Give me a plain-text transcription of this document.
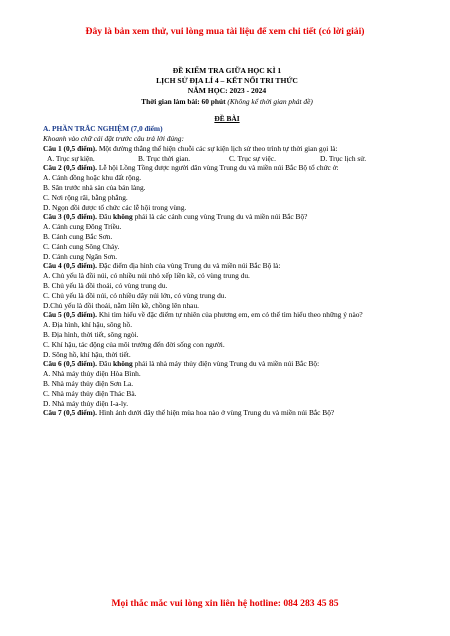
Đây là bản xem thử, vui lòng mua tài liệu để xem chi tiết (có lời giải)
ĐỀ KIỂM TRA GIỮA HỌC KÌ 1
LỊCH SỬ ĐỊA LÍ 4 – KẾT NỐI TRI THỨC
NĂM HỌC: 2023 - 2024
Thời gian làm bài: 60 phút (Không kể thời gian phát đề)
ĐỀ BÀI
A. PHẦN TRẮC NGHIỆM (7,0 điểm)
Khoanh vào chữ cái đặt trước câu trả lời đúng:
Câu 1 (0,5 điểm). Một đường thẳng thể hiện chuỗi các sự kiện lịch sử theo trình tự thời gian gọi là:
A. Trục sự kiện.	B. Trục thời gian.	C. Trục sự việc.	D. Trục lịch sử.
Câu 2 (0,5 điểm). Lễ hội Lồng Tồng được người dân vùng Trung du và miền núi Bắc Bộ tổ chức ở:
A. Cánh đồng hoặc khu đất rộng.
B. Sân trước nhà sàn của bản làng.
C. Nơi rộng rãi, bằng phẳng.
D. Ngọn đồi được tổ chức các lễ hội trong vùng.
Câu 3 (0,5 điểm). Đâu không phải là các cánh cung vùng Trung du và miền núi Bắc Bộ?
A. Cánh cung Đông Triều.
B. Cánh cung Bắc Sơn.
C. Cánh cung Sông Chảy.
D. Cánh cung Ngân Sơn.
Câu 4 (0,5 điểm). Đặc điểm địa hình của vùng Trung du và miền núi Bắc Bộ là:
A. Chủ yếu là đồi núi, có nhiều núi nhỏ xếp liền kề, có vùng trung du.
B. Chủ yếu là đồi thoải, có vùng trung du.
C. Chủ yếu là đồi núi, có nhiều dãy núi lớn, có vùng trung du.
D.Chủ yếu là đồi thoải, nằm liền kề, chồng lên nhau.
Câu 5 (0,5 điểm). Khi tìm hiểu về đặc điểm tự nhiên của phương em, em có thể tìm hiểu theo những ý nào?
A. Địa hình, khí hậu, sông hồ.
B. Địa hình, thời tiết, sông ngòi.
C. Khí hậu, tác động của môi trường đến đời sống con người.
D. Sông hồ, khí hậu, thời tiết.
Câu 6 (0,5 điểm). Đâu không phải là nhà máy thủy điện vùng Trung du và miền núi Bắc Bộ:
A. Nhà máy thủy điện Hòa Bình.
B. Nhà máy thủy điện Sơn La.
C. Nhà máy thủy điện Thác Bà.
D. Nhà máy thủy điện I-a-ly.
Câu 7 (0,5 điểm). Hình ảnh dưới đây thể hiện mùa hoa nào ở vùng Trung du và miền núi Bắc Bộ?
Mọi thắc mắc vui lòng xin liên hệ hotline: 084 283 45 85
